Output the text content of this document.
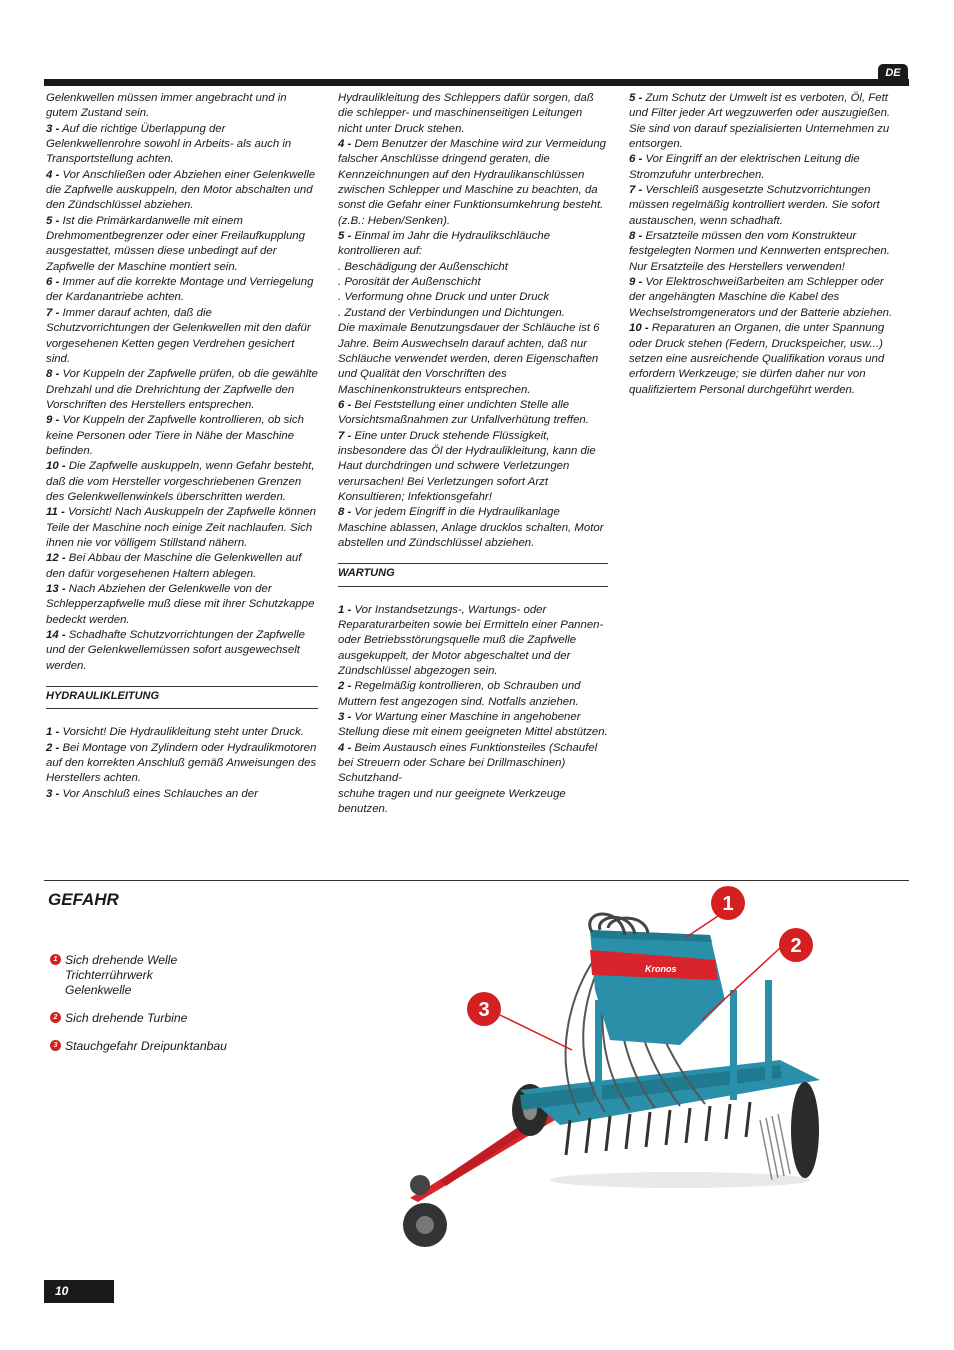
DE

Gelenkwellen müssen immer angebracht und in gutem Zustand sein.

3 - Auf die richtige Überlappung der Gelenkwellenrohre sowohl in Arbeits- als auch in Transportstellung achten.

4 - Vor Anschließen oder Abziehen einer Gelenkwelle die Zapfwelle auskuppeln, den Motor abschalten und den Zündschlüssel abziehen.

5 - Ist die Primärkardanwelle mit einem Drehmomentbegrenzer oder einer Freilaufkupplung ausgestattet, müssen diese unbedingt auf der Zapfwelle der Maschine montiert sein.

6 - Immer auf die korrekte Montage und Verriegelung der Kardanantriebe achten.

7 - Immer darauf achten, daß die Schutzvorrichtungen der Gelenkwellen mit den dafür vorgesehenen Ketten gegen Verdrehen gesichert sind.

8 - Vor Kuppeln der Zapfwelle prüfen, ob die gewählte Drehzahl und die Drehrichtung der Zapfwelle den Vorschriften des Herstellers entsprechen.

9 - Vor Kuppeln der Zapfwelle kontrollieren, ob sich keine Personen oder Tiere in Nähe der Maschine befinden.

10 - Die Zapfwelle auskuppeln, wenn Gefahr besteht, daß die vom Hersteller vorgeschriebenen Grenzen des Gelenkwellenwinkels überschritten werden.

11 - Vorsicht! Nach Auskuppeln der Zapfwelle können Teile der Maschine noch einige Zeit nachlaufen. Sich ihnen nie vor völligem Stillstand nähern.

12 - Bei Abbau der Maschine die Gelenkwellen auf den dafür vorgesehenen Haltern ablegen.

13 - Nach Abziehen der Gelenkwelle von der Schlepperzapfwelle muß diese mit ihrer Schutzkappe bedeckt werden.

14 - Schadhafte Schutzvorrichtungen der Zapfwelle und der Gelenkwellemüssen sofort ausgewechselt werden.

HYDRAULIKLEITUNG

1 - Vorsicht! Die Hydraulikleitung steht unter Druck.

2 - Bei Montage von Zylindern oder Hydraulikmotoren auf den korrekten Anschluß gemäß Anweisungen des Herstellers achten.

3 - Vor Anschluß eines Schlauches an der

Hydraulikleitung des Schleppers dafür sorgen, daß die schlepper- und maschinenseitigen Leitungen nicht unter Druck stehen.

4 - Dem Benutzer der Maschine wird zur Vermeidung falscher Anschlüsse dringend geraten, die Kennzeichnungen auf den Hydraulikanschlüssen zwischen Schlepper und Maschine zu beachten, da sonst die Gefahr einer Funktionsumkehrung besteht. (z.B.: Heben/Senken).

5 - Einmal im Jahr die Hydraulikschläuche kontrollieren auf:

. Beschädigung der Außenschicht

. Porosität der Außenschicht

. Verformung ohne Druck und unter Druck

. Zustand der Verbindungen und Dichtungen.

Die maximale Benutzungsdauer der Schläuche ist 6 Jahre. Beim Auswechseln darauf achten, daß nur Schläuche verwendet werden, deren Eigenschaften und Qualität den Vorschriften des Maschinenkonstrukteurs entsprechen.

6 - Bei Feststellung einer undichten Stelle alle Vorsichtsmaßnahmen zur Unfallverhütung treffen.

7 - Eine unter Druck stehende Flüssigkeit, insbesondere das Öl der Hydraulikleitung, kann die Haut durchdringen und schwere Verletzungen verursachen! Bei Verletzungen sofort Arzt Konsultieren; Infektionsgefahr!

8 - Vor jedem Eingriff in die Hydraulikanlage Maschine ablassen, Anlage drucklos schalten, Motor abstellen und Zündschlüssel abziehen.

WARTUNG

1 - Vor Instandsetzungs-, Wartungs- oder Reparaturarbeiten sowie bei Ermitteln einer Pannen- oder Betriebsstörungsquelle muß die Zapfwelle ausgekuppelt, der Motor abgeschaltet und der Zündschlüssel abgezogen sein.

2 - Regelmäßig kontrollieren, ob Schrauben und Muttern fest angezogen sind. Notfalls anziehen.

3 - Vor Wartung einer Maschine in angehobener Stellung diese mit einem geeigneten Mittel abstützen.

4 - Beim Austausch eines Funktionsteiles (Schaufel bei Streuern oder Schare bei Drillmaschinen) Schutzhand-

schuhe tragen und nur geeignete Werkzeuge benutzen.

5 - Zum Schutz der Umwelt ist es verboten, Öl, Fett und Filter jeder Art wegzuwerfen oder auszugießen. Sie sind von darauf spezialisierten Unternehmen zu entsorgen.

6 - Vor Eingriff an der elektrischen Leitung die Stromzufuhr unterbrechen.

7 - Verschleiß ausgesetzte Schutzvorrichtungen müssen regelmäßig kontrolliert werden. Sie sofort austauschen, wenn schadhaft.

8 - Ersatzteile müssen den vom Konstrukteur festgelegten Normen und Kennwerten entsprechen. Nur Ersatzteile des Herstellers verwenden!

9 - Vor Elektroschweißarbeiten am Schlepper oder der angehängten Maschine die Kabel des Wechselstromgenerators und der Batterie abziehen.

10 - Reparaturen an Organen, die unter Spannung oder Druck stehen (Federn, Druckspeicher, usw...) setzen eine ausreichende Qualifikation voraus und erfordern Werkzeuge; sie dürfen daher nur von qualifiziertem Personal durchgeführt werden.

GEFAHR
1 Sich drehende Welle
Trichterrührwerk
Gelenkwelle
2 Sich drehende Turbine
3 Stauchgefahr Dreipunktanbau
Kronos
1
2
3
10
